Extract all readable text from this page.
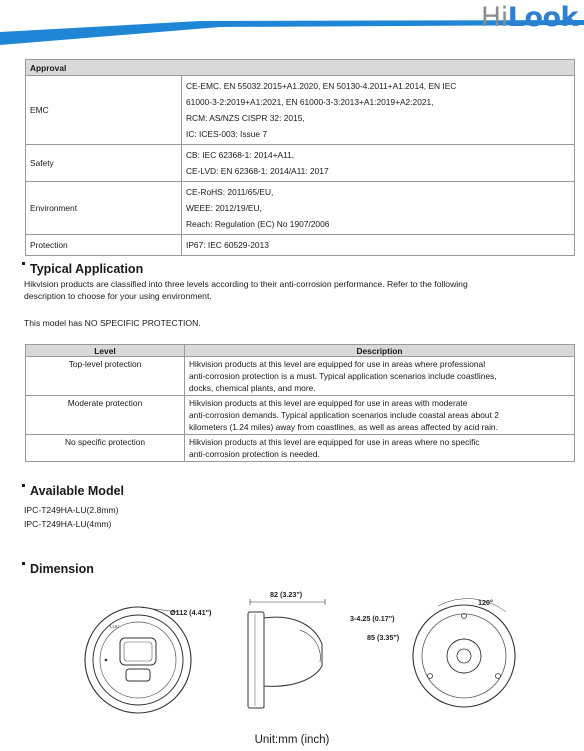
HiLook
Approval	
EMC	CE-EMC. EN 55032.2015+A1.2020, EN 50130-4.2011+A1.2014, EN IEC
61000-3-2:2019+A1:2021, EN 61000-3-3:2013+A1:2019+A2:2021,
RCM: AS/NZS CISPR 32: 2015,
IC: ICES-003: Issue 7

Safety	CB: IEC 62368-1: 2014+A11,
CE-LVD: EN 62368-1: 2014/A11: 2017

Environment	CE-RoHS: 2011/65/EU,
WEEE: 2012/19/EU,
Reach: Regulation (EC) No 1907/2006

Protection	IP67: IEC 60529-2013
Typical Application
Hikvision products are classified into three levels according to their anti-corrosion performance. Refer to the following
description to choose for your using environment.
This model has NO SPECIFIC PROTECTION.
Level	Description
Top-level protection	Hikvision products at this level are equipped for use in areas where professional
anti-corrosion protection is a must. Typical application scenarios include coastlines,
docks, chemical plants, and more.

Moderate protection	Hikvision products at this level are equipped for use in areas with moderate
anti-corrosion demands. Typical application scenarios include coastal areas about 2
kilometers (1.24 miles) away from coastlines, as well as areas affected by acid rain.

No specific protection	Hikvision products at this level are equipped for use in areas where no specific
anti-corrosion protection is needed.
Available Model
IPC-T249HA-LU(2.8mm)
IPC-T249HA-LU(4mm)
Dimension
LUU
Ø112 (4.41")
82 (3.23")
120°
3-4.25 (0.17")
85 (3.35")
Unit:mm (inch)
